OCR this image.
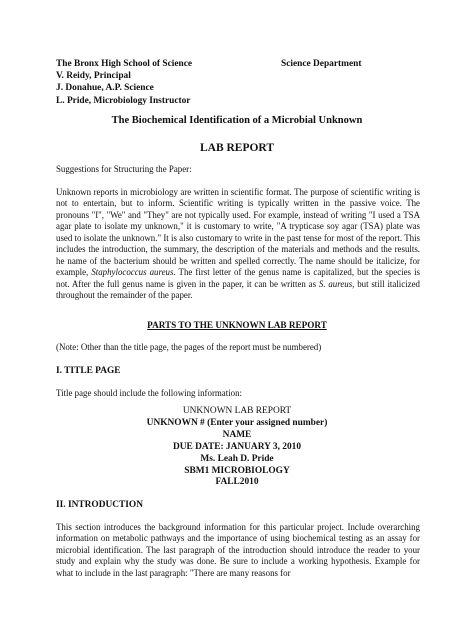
The Bronx High School of Science	Science Department
V. Reidy, Principal
J. Donahue, A.P. Science
L. Pride, Microbiology Instructor
The Biochemical Identification of a Microbial Unknown
LAB REPORT
Suggestions for Structuring the Paper:
Unknown reports in microbiology are written in scientific format. The purpose of scientific writing is not to entertain, but to inform. Scientific writing is typically written in the passive voice. The pronouns "I", "We" and "They" are not typically used. For example, instead of writing "I used a TSA agar plate to isolate my unknown," it is customary to write, "A trypticase soy agar (TSA) plate was used to isolate the unknown." It is also customary to write in the past tense for most of the report. This includes the introduction, the summary, the description of the materials and methods and the results. he name of the bacterium should be written and spelled correctly. The name should be italicize, for example, Staphylococcus aureus. The first letter of the genus name is capitalized, but the species is not. After the full genus name is given in the paper, it can be written as S. aureus, but still italicized throughout the remainder of the paper.
PARTS TO THE UNKNOWN LAB REPORT
(Note: Other than the title page, the pages of the report must be numbered)
I. TITLE PAGE
Title page should include the following information:
UNKNOWN LAB REPORT
UNKNOWN # (Enter your assigned number)
NAME
DUE DATE: JANUARY 3, 2010
Ms. Leah D. Pride
SBM1 MICROBIOLOGY
FALL2010
II. INTRODUCTION
This section introduces the background information for this particular project. Include overarching information on metabolic pathways and the importance of using biochemical testing as an assay for microbial identification. The last paragraph of the introduction should introduce the reader to your study and explain why the study was done. Be sure to include a working hypothesis. Example for what to include in the last paragraph: "There are many reasons for
